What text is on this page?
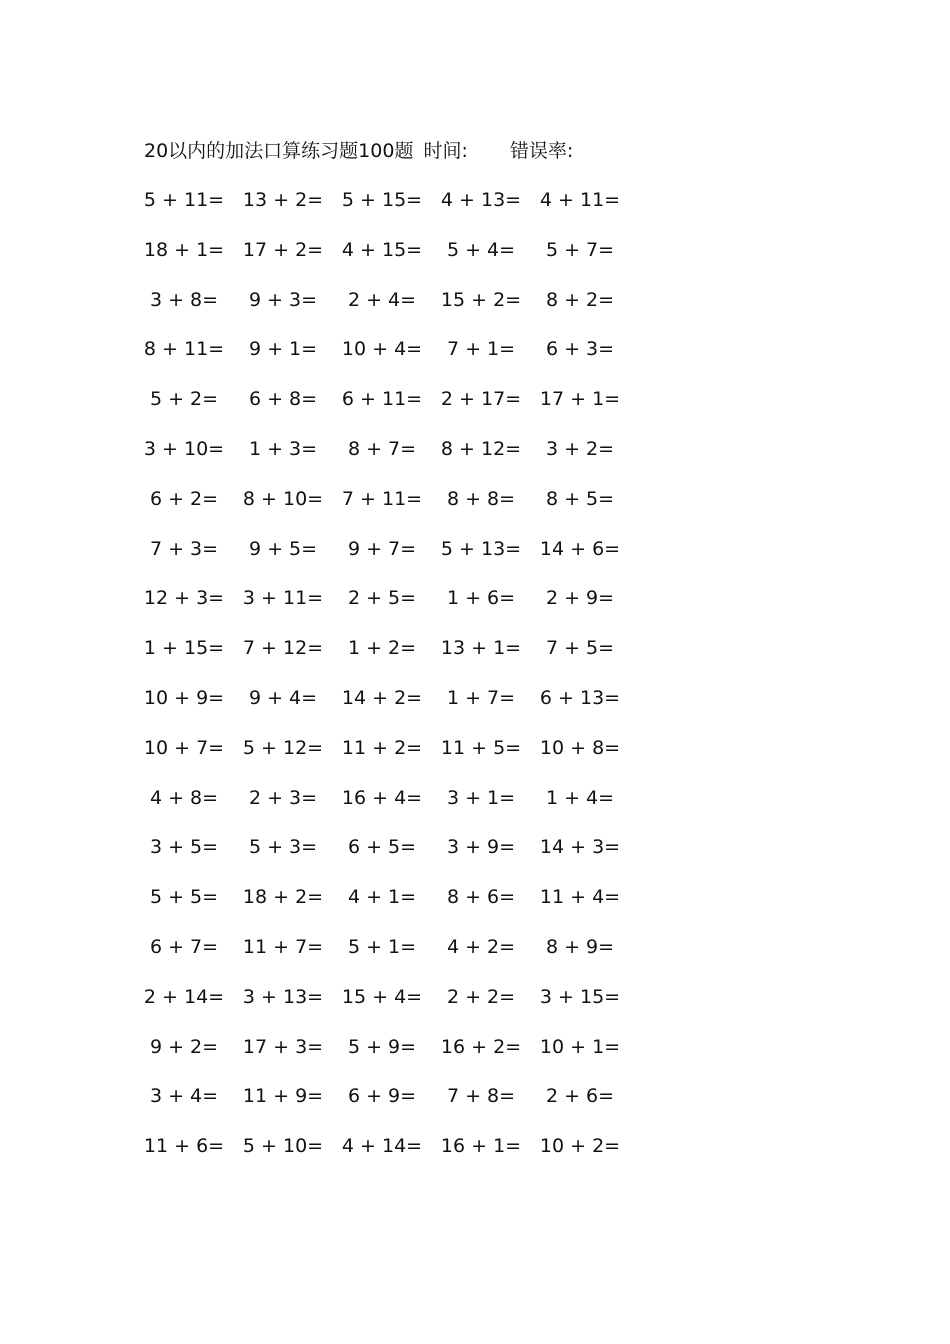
20以内的加法口算练习题100题 时间: 错误率:
5 + 11= 13 + 2= 5 + 15= 4 + 13= 4 + 11=
18 + 1= 17 + 2= 4 + 15=	5 + 4=	5 + 7=
3 + 8=	9 + 3=	2 + 4=	15 + 2=	8 + 2=
8 + 11=	9 + 1=	10 + 4=	7 + 1=	6 + 3=
5 + 2=	6 + 8=	6 + 11= 2 + 17= 17 + 1=
3 + 10=	1 + 3=	8 + 7=	8 + 12=	3 + 2=
6 + 2=	8 + 10= 7 + 11=	8 + 8=	8 + 5=
7 + 3=	9 + 5=	9 + 7=	5 + 13= 14 + 6=
12 + 3= 3 + 11=	2 + 5=	1 + 6=	2 + 9=
1 + 15= 7 + 12=	1 + 2=	13 + 1=	7 + 5=
10 + 9=	9 + 4=	14 + 2=	1 + 7=	6 + 13=
10 + 7= 5 + 12= 11 + 2= 11 + 5= 10 + 8=
4 + 8=	2 + 3=	16 + 4=	3 + 1=	1 + 4=
3 + 5=	5 + 3=	6 + 5=	3 + 9=	14 + 3=
5 + 5=	18 + 2=	4 + 1=	8 + 6=	11 + 4=
6 + 7=	11 + 7=	5 + 1=	4 + 2=	8 + 9=
2 + 14= 3 + 13= 15 + 4=	2 + 2=	3 + 15=
9 + 2=	17 + 3=	5 + 9=	16 + 2= 10 + 1=
3 + 4=	11 + 9=	6 + 9=	7 + 8=	2 + 6=
11 + 6= 5 + 10= 4 + 14= 16 + 1= 10 + 2=
